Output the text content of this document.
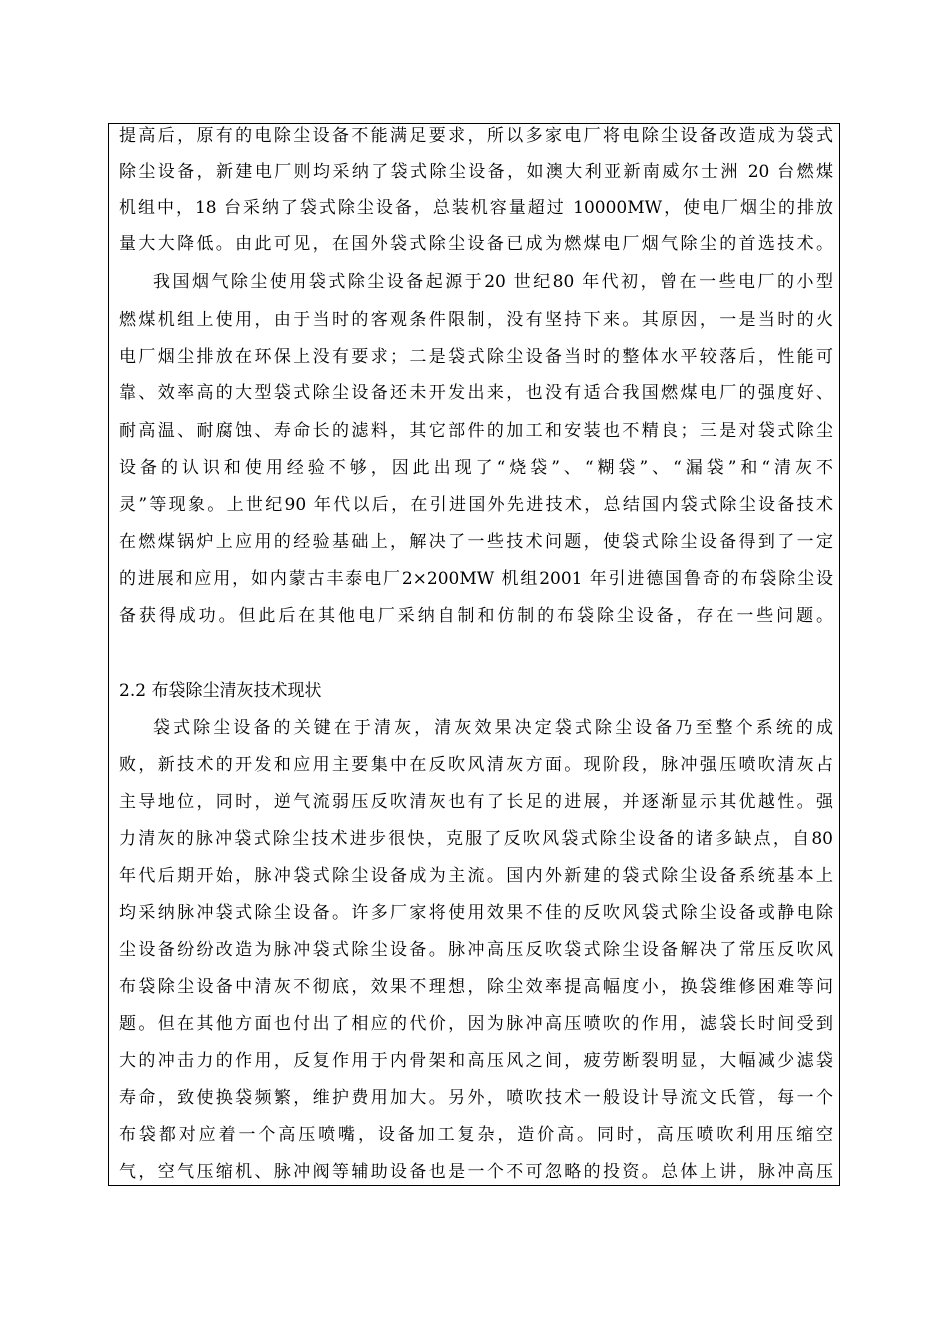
提高后，原有的电除尘设备不能满足要求，所以多家电厂将电除尘设备改造成为袋式
除尘设备，新建电厂则均采纳了袋式除尘设备，如澳大利亚新南威尔士洲 20 台燃煤
机组中，18 台采纳了袋式除尘设备，总装机容量超过 10000MW，使电厂烟尘的排放
量大大降低。由此可见，在国外袋式除尘设备已成为燃煤电厂烟气除尘的首选技术。
我国烟气除尘使用袋式除尘设备起源于20 世纪80 年代初，曾在一些电厂的小型
燃煤机组上使用，由于当时的客观条件限制，没有坚持下来。其原因，一是当时的火
电厂烟尘排放在环保上没有要求；二是袋式除尘设备当时的整体水平较落后，性能可
靠、效率高的大型袋式除尘设备还未开发出来，也没有适合我国燃煤电厂的强度好、
耐高温、耐腐蚀、寿命长的滤料，其它部件的加工和安装也不精良；三是对袋式除尘
设备的认识和使用经验不够，因此出现了“烧袋”、“糊袋”、“漏袋”和“清灰不
灵”等现象。上世纪90 年代以后，在引进国外先进技术，总结国内袋式除尘设备技术
在燃煤锅炉上应用的经验基础上，解决了一些技术问题，使袋式除尘设备得到了一定
的进展和应用，如内蒙古丰泰电厂2×200MW 机组2001 年引进德国鲁奇的布袋除尘设
备获得成功。但此后在其他电厂采纳自制和仿制的布袋除尘设备，存在一些问题。
2.2 布袋除尘清灰技术现状
袋式除尘设备的关键在于清灰，清灰效果决定袋式除尘设备乃至整个系统的成
败，新技术的开发和应用主要集中在反吹风清灰方面。现阶段，脉冲强压喷吹清灰占
主导地位，同时，逆气流弱压反吹清灰也有了长足的进展，并逐渐显示其优越性。强
力清灰的脉冲袋式除尘技术进步很快，克服了反吹风袋式除尘设备的诸多缺点，自80
年代后期开始，脉冲袋式除尘设备成为主流。国内外新建的袋式除尘设备系统基本上
均采纳脉冲袋式除尘设备。许多厂家将使用效果不佳的反吹风袋式除尘设备或静电除
尘设备纷纷改造为脉冲袋式除尘设备。脉冲高压反吹袋式除尘设备解决了常压反吹风
布袋除尘设备中清灰不彻底，效果不理想，除尘效率提高幅度小，换袋维修困难等问
题。但在其他方面也付出了相应的代价，因为脉冲高压喷吹的作用，滤袋长时间受到
大的冲击力的作用，反复作用于内骨架和高压风之间，疲劳断裂明显，大幅减少滤袋
寿命，致使换袋频繁，维护费用加大。另外，喷吹技术一般设计导流文氏管，每一个
布袋都对应着一个高压喷嘴，设备加工复杂，造价高。同时，高压喷吹利用压缩空
气，空气压缩机、脉冲阀等辅助设备也是一个不可忽略的投资。总体上讲，脉冲高压
